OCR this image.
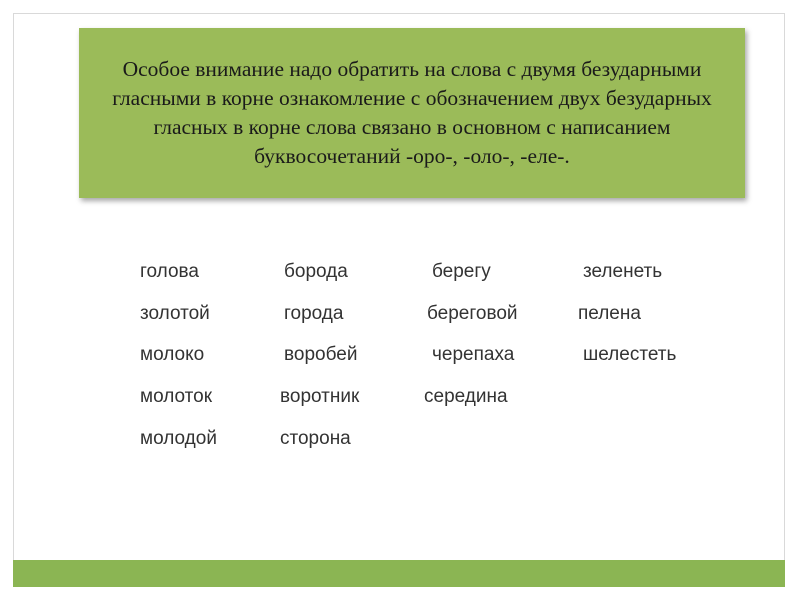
Особое внимание надо обратить на слова с двумя безударными гласными в корне ознакомление с обозначением двух безударных гласных в корне слова связано в основном с написанием буквосочетаний -оро-, -оло-, -еле-.

голова
золотой
молоко
молоток
молодой
борода
города
воробей
воротник
сторона
берегу
береговой
черепаха
середина
зеленеть
пелена
шелестеть
